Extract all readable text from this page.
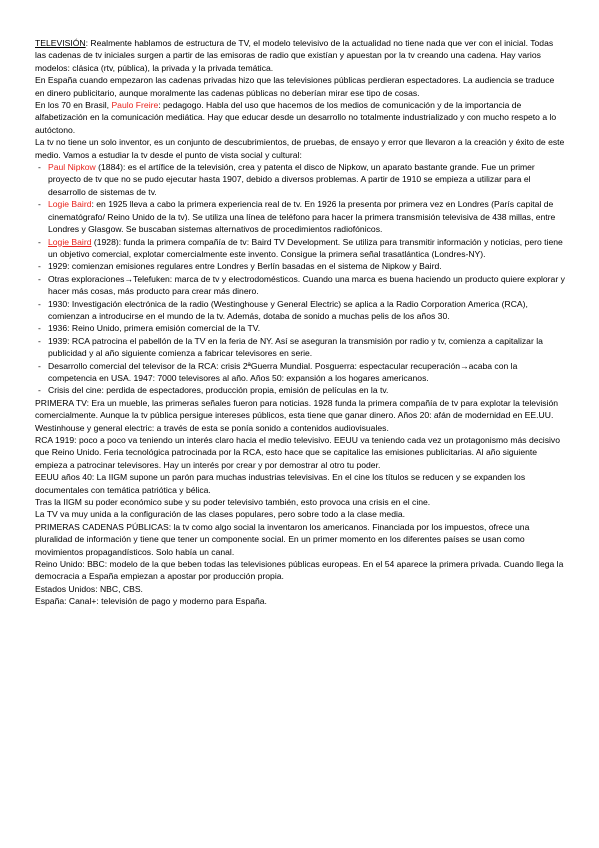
TELEVISIÓN: Realmente hablamos de estructura de TV, el modelo televisivo de la actualidad no tiene nada que ver con el inicial. Todas las cadenas de tv iniciales surgen a partir de las emisoras de radio que existían y apuestan por la tv creando una cadena. Hay varios modelos: clásica (rtv, pública), la privada y la privada temática.

En España cuando empezaron las cadenas privadas hizo que las televisiones públicas perdieran espectadores. La audiencia se traduce en dinero publicitario, aunque moralmente las cadenas públicas no deberían mirar ese tipo de cosas.

En los 70 en Brasil, Paulo Freire: pedagogo. Habla del uso que hacemos de los medios de comunicación y de la importancia de alfabetización en la comunicación mediática. Hay que educar desde un desarrollo no totalmente industrializado y con mucho respeto a lo autóctono.

La tv no tiene un solo inventor, es un conjunto de descubrimientos, de pruebas, de ensayo y error que llevaron a la creación y éxito de este medio. Vamos a estudiar la tv desde el punto de vista social y cultural:

- Paul Nipkow (1884): es el artífice de la televisión, crea y patenta el disco de Nipkow, un aparato bastante grande. Fue un primer proyecto de tv que no se pudo ejecutar hasta 1907, debido a diversos problemas. A partir de 1910 se empieza a utilizar para el desarrollo de sistemas de tv.

- Logie Baird: en 1925 lleva a cabo la primera experiencia real de tv. En 1926 la presenta por primera vez en Londres (París capital de cinematógrafo/ Reino Unido de la tv). Se utiliza una línea de teléfono para hacer la primera transmisión televisiva de 438 millas, entre Londres y Glasgow. Se buscaban sistemas alternativos de procedimientos radiofónicos.

- Logie Baird (1928): funda la primera compañía de tv: Baird TV Development. Se utiliza para transmitir información y noticias, pero tiene un objetivo comercial, explotar comercialmente este invento. Consigue la primera señal trasatlántica (Londres-NY).

- 1929: comienzan emisiones regulares entre Londres y Berlín basadas en el sistema de Nipkow y Baird.

- Otras exploraciones→Telefuken: marca de tv y electrodomésticos. Cuando una marca es buena haciendo un producto quiere explorar y hacer más cosas, más producto para crear más dinero.

- 1930: Investigación electrónica de la radio (Westinghouse y General Electric) se aplica a la Radio Corporation America (RCA), comienzan a introducirse en el mundo de la tv. Además, dotaba de sonido a muchas pelis de los años 30.

- 1936: Reino Unido, primera emisión comercial de la TV.

- 1939: RCA patrocina el pabellón de la TV en la feria de NY. Así se aseguran la transmisión por radio y tv, comienza a capitalizar la publicidad y al año siguiente comienza a fabricar televisores en serie.

- Desarrollo comercial del televisor de la RCA: crisis 2ªGuerra Mundial. Posguerra: espectacular recuperación→acaba con la competencia en USA. 1947: 7000 televisores al año. Años 50: expansión a los hogares americanos.

- Crisis del cine: perdida de espectadores, producción propia, emisión de películas en la tv.

PRIMERA TV: Era un mueble, las primeras señales fueron para noticias. 1928 funda la primera compañía de tv para explotar la televisión comercialmente. Aunque la tv pública persigue intereses públicos, esta tiene que ganar dinero. Años 20: afán de modernidad en EE.UU.

Westinhouse y general electric: a través de esta se ponía sonido a contenidos audiovisuales.

RCA 1919: poco a poco va teniendo un interés claro hacia el medio televisivo. EEUU va teniendo cada vez un protagonismo más decisivo que Reino Unido. Feria tecnológica patrocinada por la RCA, esto hace que se capitalice las emisiones publicitarias. Al año siguiente empieza a patrocinar televisores. Hay un interés por crear y por demostrar al otro tu poder.

EEUU años 40: La IIGM supone un parón para muchas industrias televisivas. En el cine los títulos se reducen y se expanden los documentales con temática patriótica y bélica.

Tras la IIGM su poder económico sube y su poder televisivo también, esto provoca una crisis en el cine.

La TV va muy unida a la configuración de las clases populares, pero sobre todo a la clase media.

PRIMERAS CADENAS PÚBLICAS: la tv como algo social la inventaron los americanos. Financiada por los impuestos, ofrece una pluralidad de información y tiene que tener un componente social. En un primer momento en los diferentes países se usan como movimientos propagandísticos. Solo había un canal.

Reino Unido: BBC: modelo de la que beben todas las televisiones públicas europeas. En el 54 aparece la primera privada. Cuando llega la democracia a España empiezan a apostar por producción propia.

Estados Unidos: NBC, CBS.

España: Canal+: televisión de pago y moderno para España.
